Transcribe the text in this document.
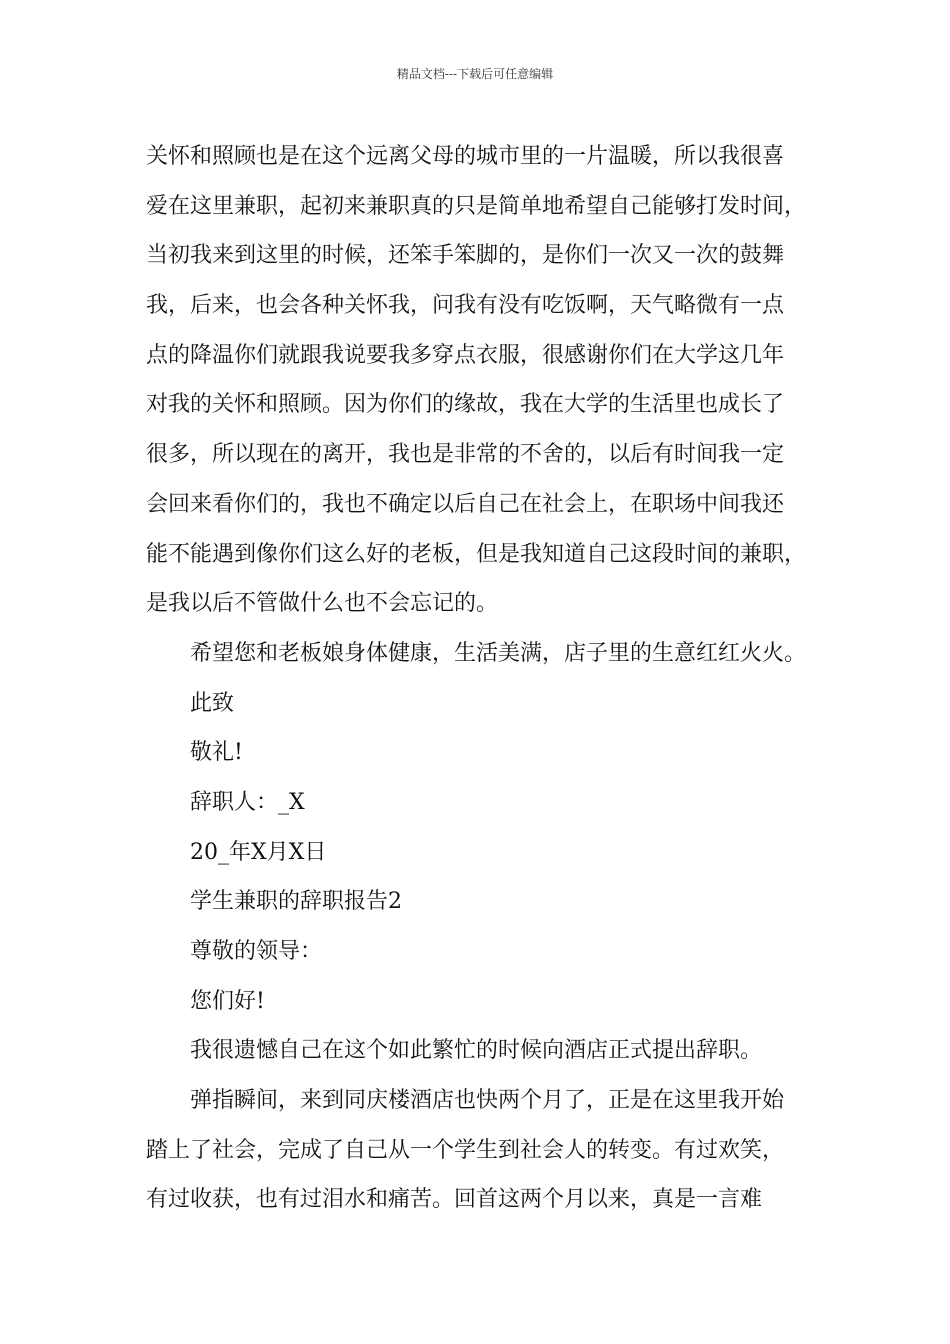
精品文档---下载后可任意编辑
关怀和照顾也是在这个远离父母的城市里的一片温暖，所以我很喜
爱在这里兼职，起初来兼职真的只是简单地希望自己能够打发时间，
当初我来到这里的时候，还笨手笨脚的，是你们一次又一次的鼓舞
我，后来，也会各种关怀我，问我有没有吃饭啊，天气略微有一点
点的降温你们就跟我说要我多穿点衣服，很感谢你们在大学这几年
对我的关怀和照顾。因为你们的缘故，我在大学的生活里也成长了
很多，所以现在的离开，我也是非常的不舍的，以后有时间我一定
会回来看你们的，我也不确定以后自己在社会上，在职场中间我还
能不能遇到像你们这么好的老板，但是我知道自己这段时间的兼职，
是我以后不管做什么也不会忘记的。
希望您和老板娘身体健康，生活美满，店子里的生意红红火火。
此致
敬礼!
辞职人：_X
20_年X月X日
学生兼职的辞职报告2
尊敬的领导：
您们好!
我很遗憾自己在这个如此繁忙的时候向酒店正式提出辞职。
弹指瞬间，来到同庆楼酒店也快两个月了，正是在这里我开始
踏上了社会，完成了自己从一个学生到社会人的转变。有过欢笑，
有过收获，也有过泪水和痛苦。回首这两个月以来，真是一言难
